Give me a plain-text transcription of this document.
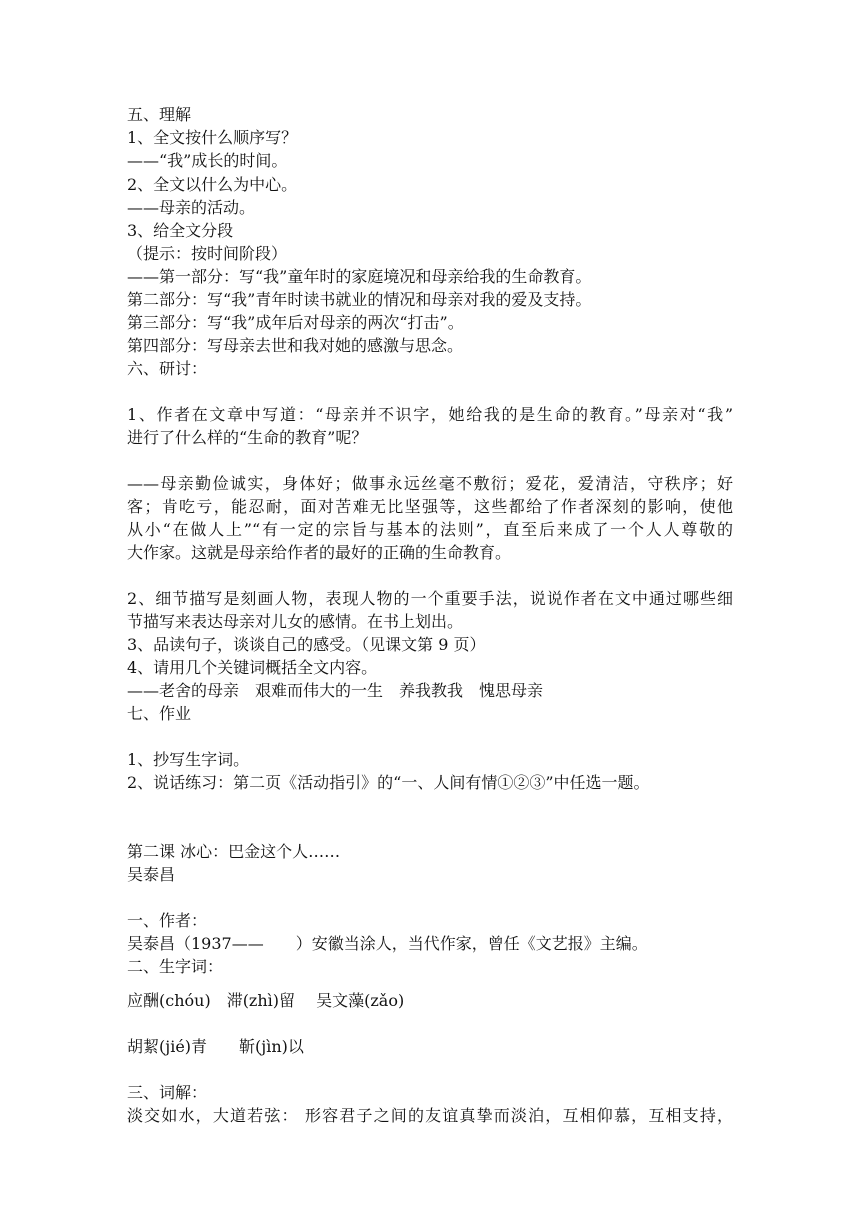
五、理解
1、全文按什么顺序写？
——“我”成长的时间。
2、全文以什么为中心。
——母亲的活动。
3、给全文分段
（提示：按时间阶段）
——第一部分：写“我”童年时的家庭境况和母亲给我的生命教育。
第二部分：写“我”青年时读书就业的情况和母亲对我的爱及支持。
第三部分：写“我”成年后对母亲的两次“打击”。
第四部分：写母亲去世和我对她的感激与思念。
六、研讨：
1、作者在文章中写道：“母亲并不识字，她给我的是生命的教育。”母亲对“我”
进行了什么样的“生命的教育”呢？
——母亲勤俭诚实，身体好；做事永远丝毫不敷衍；爱花，爱清洁，守秩序；好
客；肯吃亏，能忍耐，面对苦难无比坚强等，这些都给了作者深刻的影响，使他
从小“在做人上”“有一定的宗旨与基本的法则”，直至后来成了一个人人尊敬的
大作家。这就是母亲给作者的最好的正确的生命教育。
2、细节描写是刻画人物，表现人物的一个重要手法，说说作者在文中通过哪些细
节描写来表达母亲对儿女的感情。在书上划出。
3、品读句子，谈谈自己的感受。（见课文第 9 页）
4、请用几个关键词概括全文内容。
——老舍的母亲　艰难而伟大的一生　养我教我　愧思母亲
七、作业
1、抄写生字词。
2、说话练习：第二页《活动指引》的“一、人间有情①②③”中任选一题。
第二课 冰心：巴金这个人……
吴泰昌
一、作者：
吴泰昌（1937——　　）安徽当涂人，当代作家，曾任《文艺报》主编。
二、生字词：
应酬(chóu)　滞(zhì)留　 吴文藻(zǎo)
胡絜(jié)青　　靳(jìn)以
三、词解：
淡交如水，大道若弦： 形容君子之间的友谊真挚而淡泊，互相仰慕，互相支持，
